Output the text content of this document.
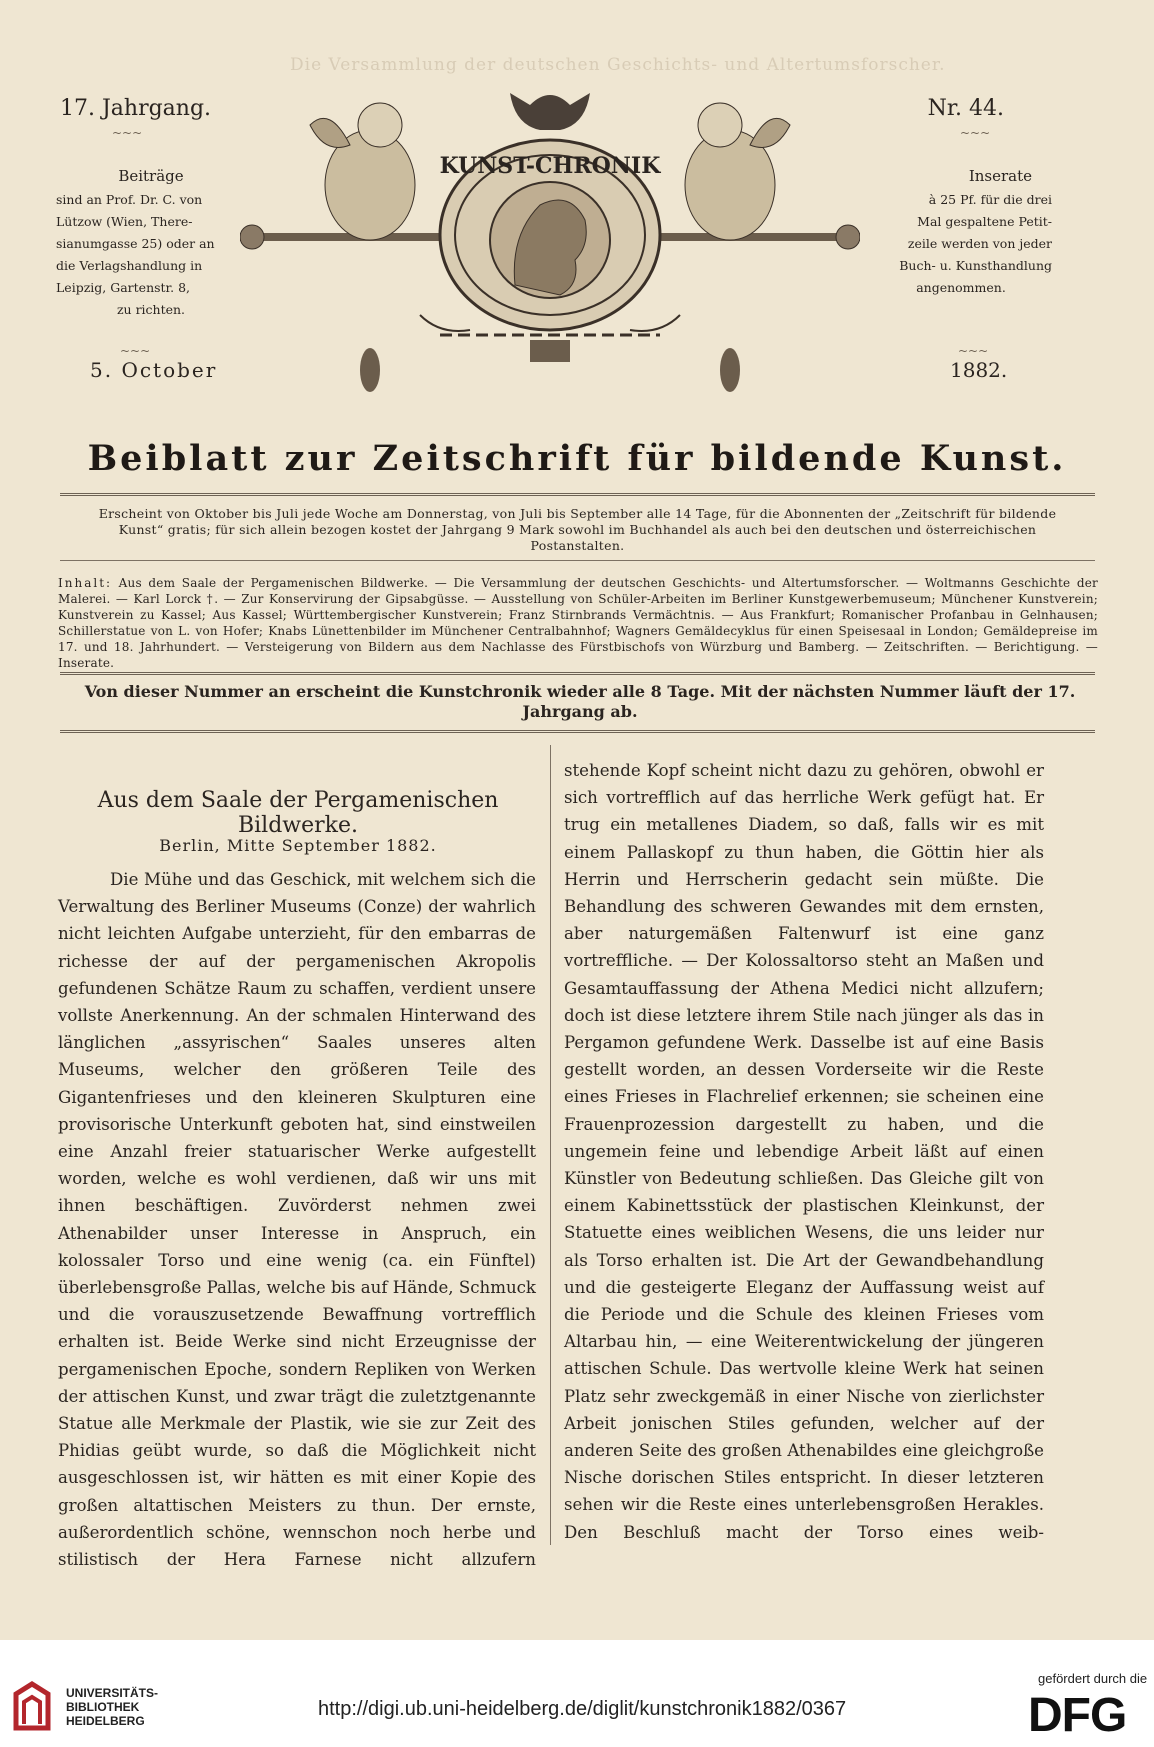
Die Versammlung der deutschen Geschichts- und Altertumsforscher.
17. Jahrgang.	Nr. 44.
~~~	~~~
Beiträge
sind an Prof. Dr. C. von
Lützow (Wien, There-
sianumgasse 25) oder an
die Verlagshandlung in
Leipzig, Gartenstr. 8,
zu richten.
Inserate
à 25 Pf. für die drei
Mal gespaltene Petit-
zeile werden von jeder
Buch- u. Kunsthandlung
angenommen.
~~~	~~~
5. October	1882.
KUNST-CHRONIK
Beiblatt zur Zeitschrift für bildende Kunst.
Erscheint von Oktober bis Juli jede Woche am Donnerstag, von Juli bis September alle 14 Tage, für die Abonnenten der „Zeitschrift für bildende Kunst“ gratis; für sich allein bezogen kostet der Jahrgang 9 Mark sowohl im Buchhandel als auch bei den deutschen und österreichischen Postanstalten.
Inhalt: Aus dem Saale der Pergamenischen Bildwerke. — Die Versammlung der deutschen Geschichts- und Altertumsforscher. — Woltmanns Geschichte der Malerei. — Karl Lorck †. — Zur Konservirung der Gipsabgüsse. — Ausstellung von Schüler-Arbeiten im Berliner Kunstgewerbemuseum; Münchener Kunstverein; Kunstverein zu Kassel; Aus Kassel; Württembergischer Kunstverein; Franz Stirnbrands Vermächtnis. — Aus Frankfurt; Romanischer Profanbau in Gelnhausen; Schillerstatue von L. von Hofer; Knabs Lünettenbilder im Münchener Centralbahnhof; Wagners Gemäldecyklus für einen Speisesaal in London; Gemäldepreise im 17. und 18. Jahrhundert. — Versteigerung von Bildern aus dem Nachlasse des Fürstbischofs von Würzburg und Bamberg. — Zeitschriften. — Berichtigung. — Inserate.
Von dieser Nummer an erscheint die Kunstchronik wieder alle 8 Tage. Mit der nächsten Nummer läuft der 17. Jahrgang ab.
Aus dem Saale der Pergamenischen Bildwerke.
Berlin, Mitte September 1882.

Die Mühe und das Geschick, mit welchem sich die Verwaltung des Berliner Museums (Conze) der wahrlich nicht leichten Aufgabe unterzieht, für den embarras de richesse der auf der pergamenischen Akropolis gefundenen Schätze Raum zu schaffen, verdient unsere vollste Anerkennung. An der schmalen Hinterwand des länglichen „assyrischen“ Saales unseres alten Museums, welcher den größeren Teile des Gigantenfrieses und den kleineren Skulpturen eine provisorische Unterkunft geboten hat, sind einstweilen eine Anzahl freier statuarischer Werke aufgestellt worden, welche es wohl verdienen, daß wir uns mit ihnen beschäftigen. Zuvörderst nehmen zwei Athenabilder unser Interesse in Anspruch, ein kolossaler Torso und eine wenig (ca. ein Fünftel) überlebensgroße Pallas, welche bis auf Hände, Schmuck und die vorauszusetzende Bewaffnung vortrefflich erhalten ist. Beide Werke sind nicht Erzeugnisse der pergamenischen Epoche, sondern Repliken von Werken der attischen Kunst, und zwar trägt die zuletztgenannte Statue alle Merkmale der Plastik, wie sie zur Zeit des Phidias geübt wurde, so daß die Möglichkeit nicht ausgeschlossen ist, wir hätten es mit einer Kopie des großen altattischen Meisters zu thun. Der ernste, außerordentlich schöne, wennschon noch herbe und stilistisch der Hera Farnese nicht allzufern

stehende Kopf scheint nicht dazu zu gehören, obwohl er sich vortrefflich auf das herrliche Werk gefügt hat. Er trug ein metallenes Diadem, so daß, falls wir es mit einem Pallaskopf zu thun haben, die Göttin hier als Herrin und Herrscherin gedacht sein müßte. Die Behandlung des schweren Gewandes mit dem ernsten, aber naturgemäßen Faltenwurf ist eine ganz vortreffliche. — Der Kolossaltorso steht an Maßen und Gesamtauffassung der Athena Medici nicht allzufern; doch ist diese letztere ihrem Stile nach jünger als das in Pergamon gefundene Werk. Dasselbe ist auf eine Basis gestellt worden, an dessen Vorderseite wir die Reste eines Frieses in Flachrelief erkennen; sie scheinen eine Frauenprozession dargestellt zu haben, und die ungemein feine und lebendige Arbeit läßt auf einen Künstler von Bedeutung schließen. Das Gleiche gilt von einem Kabinettsstück der plastischen Kleinkunst, der Statuette eines weiblichen Wesens, die uns leider nur als Torso erhalten ist. Die Art der Gewandbehandlung und die gesteigerte Eleganz der Auffassung weist auf die Periode und die Schule des kleinen Frieses vom Altarbau hin, — eine Weiterentwickelung der jüngeren attischen Schule. Das wertvolle kleine Werk hat seinen Platz sehr zweckgemäß in einer Nische von zierlichster Arbeit jonischen Stiles gefunden, welcher auf der anderen Seite des großen Athenabildes eine gleichgroße Nische dorischen Stiles entspricht. In dieser letzteren sehen wir die Reste eines unterlebensgroßen Herakles. Den Beschluß macht der Torso eines weib-

UNIVERSITÄTS-
BIBLIOTHEK
HEIDELBERG
http://digi.ub.uni-heidelberg.de/diglit/kunstchronik1882/0367
gefördert durch die
DFG
